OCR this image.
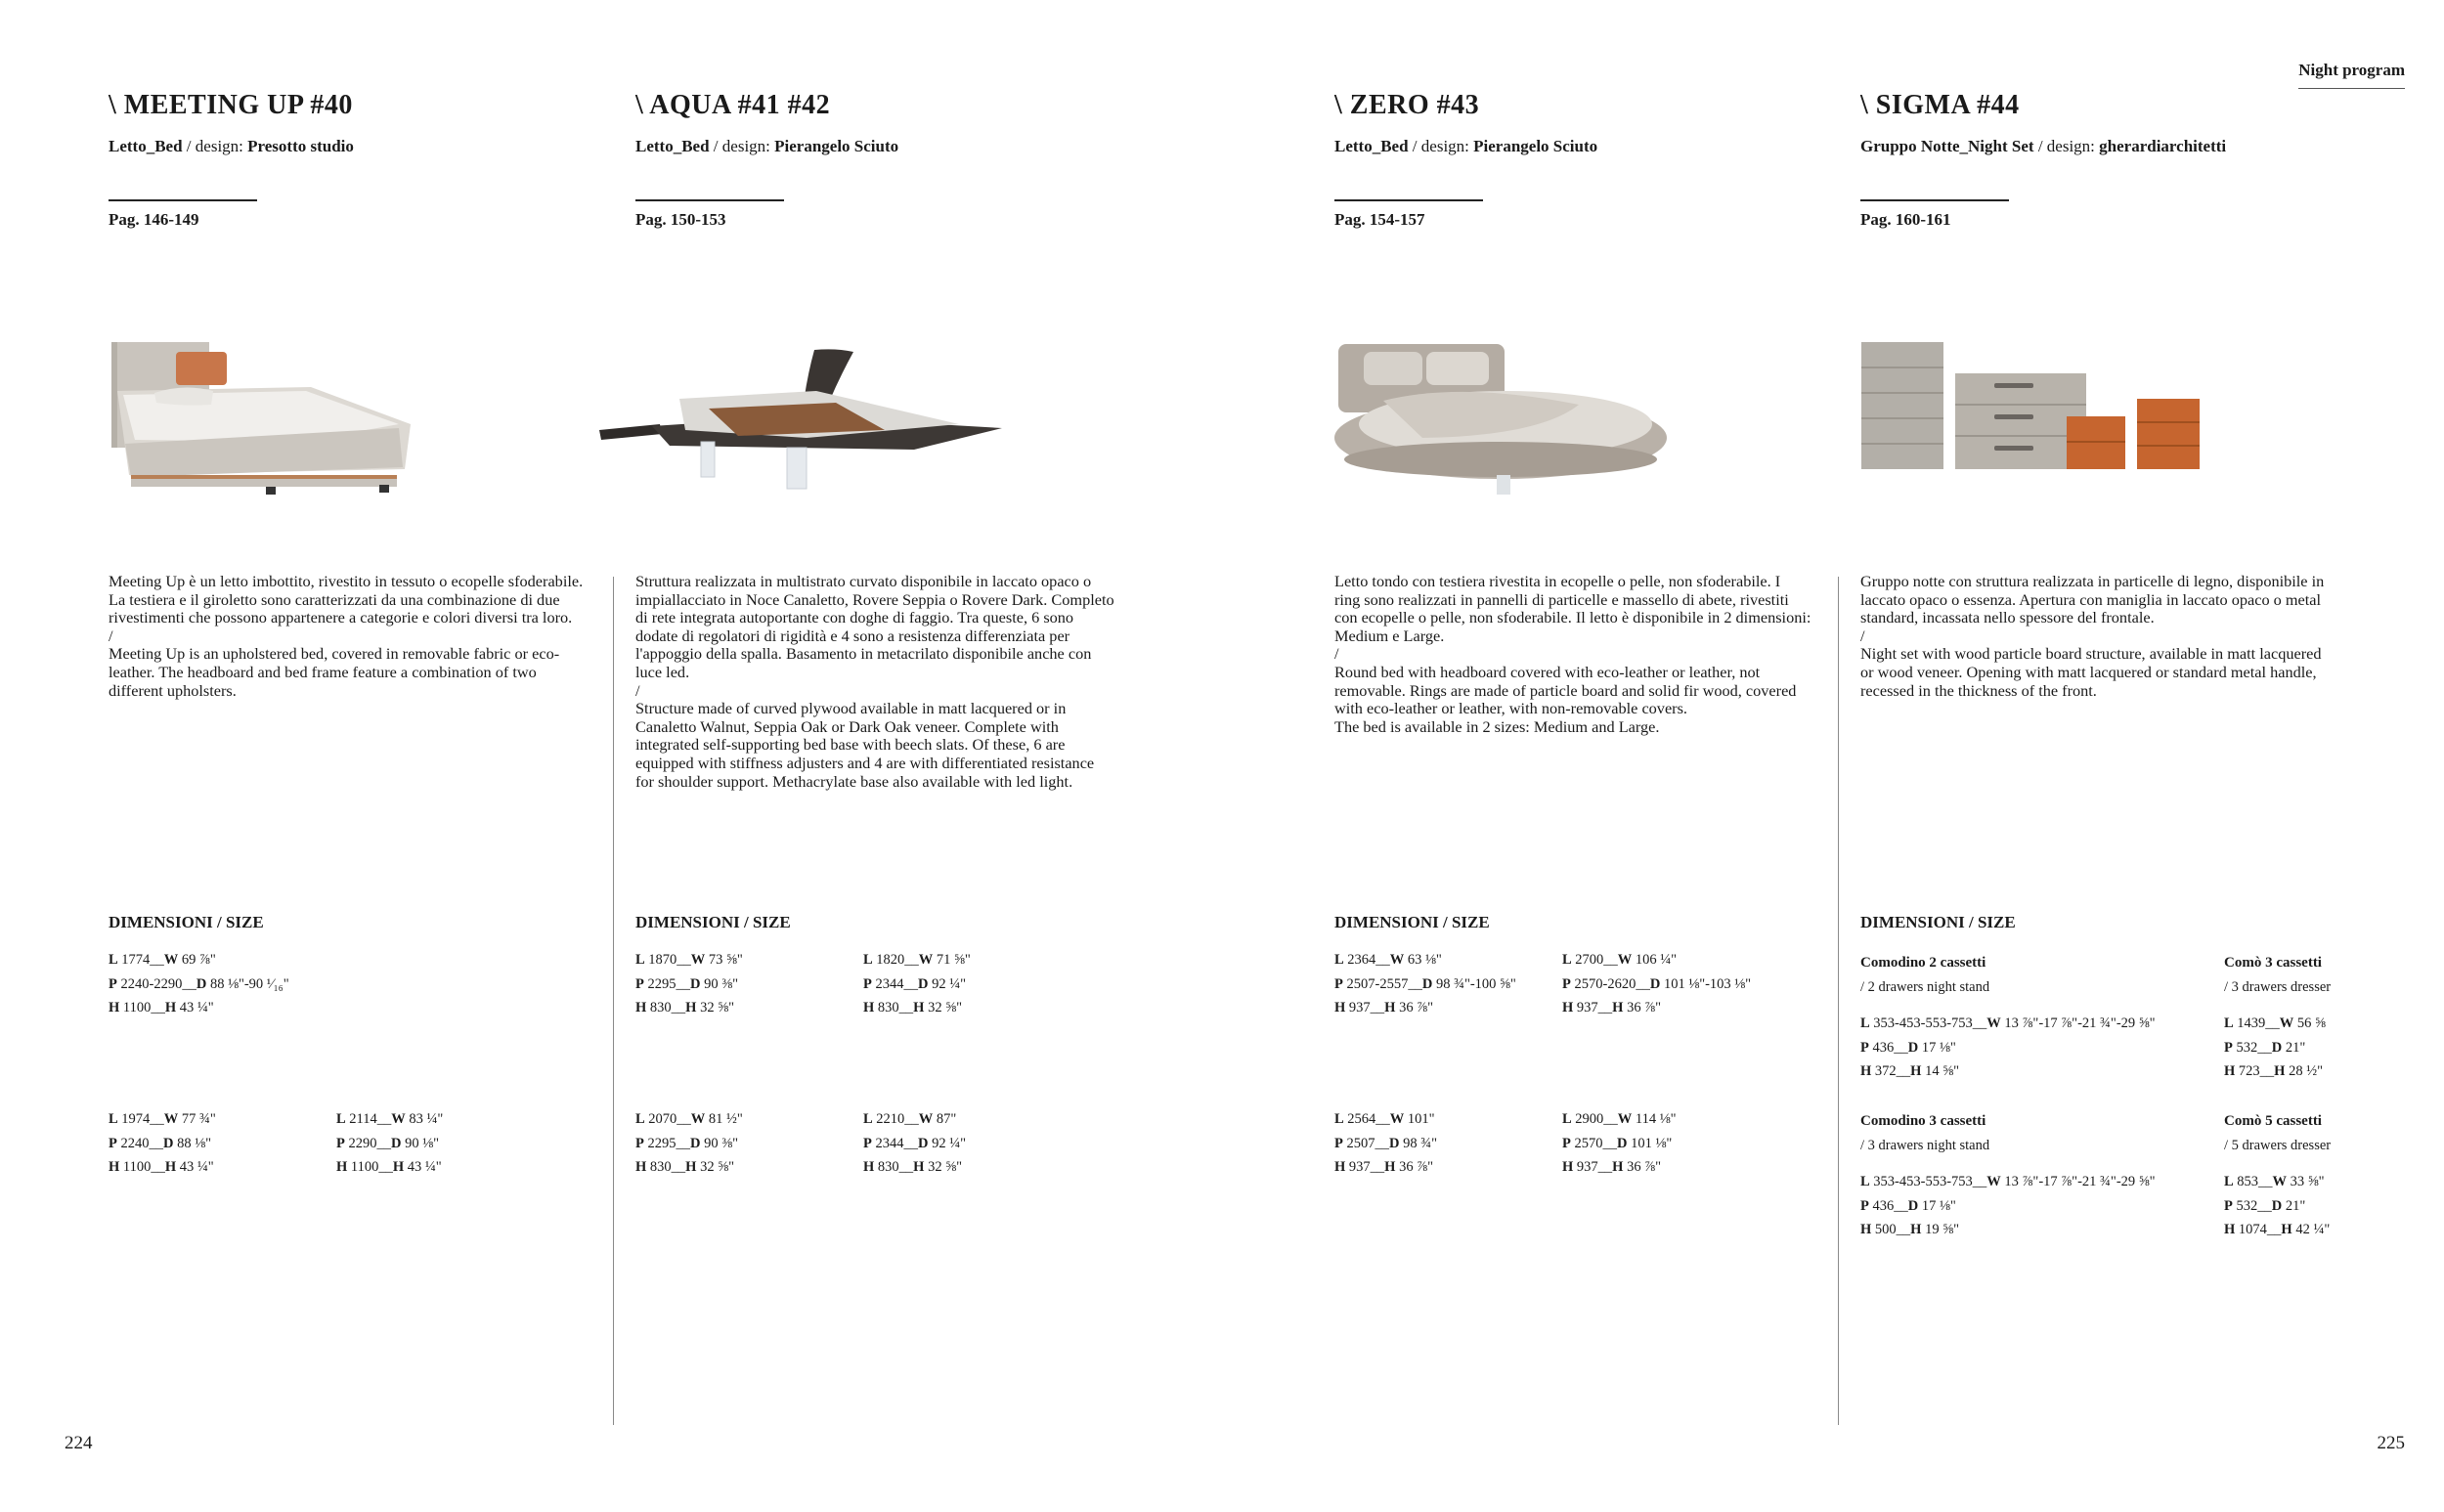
Night program
\ MEETING UP #40
Letto_Bed / design: Presotto studio
Pag. 146-149
Meeting Up è un letto imbottito, rivestito in tessuto o ecopelle sfoderabile.
La testiera e il giroletto sono caratterizzati da una combinazione di due
rivestimenti che possono appartenere a categorie e colori diversi tra loro.
/
Meeting Up is an upholstered bed, covered in removable fabric or eco-
leather. The headboard and bed frame feature a combination of two
different upholsters.
DIMENSIONI / SIZE
L 1774__W 69 ⅞"
P 2240-2290__D 88 ⅛"-90 ¹⁄₁₆"
H 1100__H 43 ¼"
L 1974__W 77 ¾"
P 2240__D 88 ⅛"
H 1100__H 43 ¼"
L 2114__W 83 ¼"
P 2290__D 90 ⅛"
H 1100__H 43 ¼"
\ AQUA #41 #42
Letto_Bed / design: Pierangelo Sciuto
Pag. 150-153
Struttura realizzata in multistrato curvato disponibile in laccato opaco o
impiallacciato in Noce Canaletto, Rovere Seppia o Rovere Dark. Completo
di rete integrata autoportante con doghe di faggio. Tra queste, 6 sono
dodate di regolatori di rigidità e 4 sono a resistenza differenziata per
l'appoggio della spalla. Basamento in metacrilato disponibile anche con
luce led.
/
Structure made of curved plywood available in matt lacquered or in
Canaletto Walnut, Seppia Oak or Dark Oak veneer. Complete with
integrated self-supporting bed base with beech slats. Of these, 6 are
equipped with stiffness adjusters and 4 are with differentiated resistance
for shoulder support. Methacrylate base also available with led light.
DIMENSIONI / SIZE
L 1870__W 73 ⅝"
P 2295__D 90 ⅜"
H 830__H 32 ⅝"
L 1820__W 71 ⅝"
P 2344__D 92 ¼"
H 830__H 32 ⅝"
L 2070__W 81 ½"
P 2295__D 90 ⅜"
H 830__H 32 ⅝"
L 2210__W 87"
P 2344__D 92 ¼"
H 830__H 32 ⅝"
\ ZERO #43
Letto_Bed / design: Pierangelo Sciuto
Pag. 154-157
Letto tondo con testiera rivestita in ecopelle o pelle, non sfoderabile. I
ring sono realizzati in pannelli di particelle e massello di abete, rivestiti
con ecopelle o pelle, non sfoderabile. Il letto è disponibile in 2 dimensioni:
Medium e Large.
/
Round bed with headboard covered with eco-leather or leather, not
removable. Rings are made of particle board and solid fir wood, covered
with eco-leather or leather, with non-removable covers.
The bed is available in 2 sizes: Medium and Large.
DIMENSIONI / SIZE
L 2364__W 63 ⅛"
P 2507-2557__D 98 ¾"-100 ⅝"
H 937__H 36 ⅞"
L 2700__W 106 ¼"
P 2570-2620__D 101 ⅛"-103 ⅛"
H 937__H 36 ⅞"
L 2564__W 101"
P 2507__D 98 ¾"
H 937__H 36 ⅞"
L 2900__W 114 ⅛"
P 2570__D 101 ⅛"
H 937__H 36 ⅞"
\ SIGMA #44
Gruppo Notte_Night Set / design: gherardiarchitetti
Pag. 160-161
Gruppo notte con struttura realizzata in particelle di legno, disponibile in
laccato opaco o essenza. Apertura con maniglia in laccato opaco o metal
standard, incassata nello spessore del frontale.
/
Night set with wood particle board structure, available in matt lacquered
or wood veneer. Opening with matt lacquered or standard metal handle,
recessed in the thickness of the front.
DIMENSIONI / SIZE
Comodino 2 cassetti
/ 2 drawers night stand
L 353-453-553-753__W 13 ⅞"-17 ⅞"-21 ¾"-29 ⅝"
P 436__D 17 ⅛"
H 372__H 14 ⅝"
Comò 3 cassetti
/ 3 drawers dresser
L 1439__W 56 ⅝
P 532__D 21"
H 723__H 28 ½"
Comodino 3 cassetti
/ 3 drawers night stand
L 353-453-553-753__W 13 ⅞"-17 ⅞"-21 ¾"-29 ⅝"
P 436__D 17 ⅛"
H 500__H 19 ⅝"
Comò 5 cassetti
/ 5 drawers dresser
L 853__W 33 ⅝"
P 532__D 21"
H 1074__H 42 ¼"
224	225
